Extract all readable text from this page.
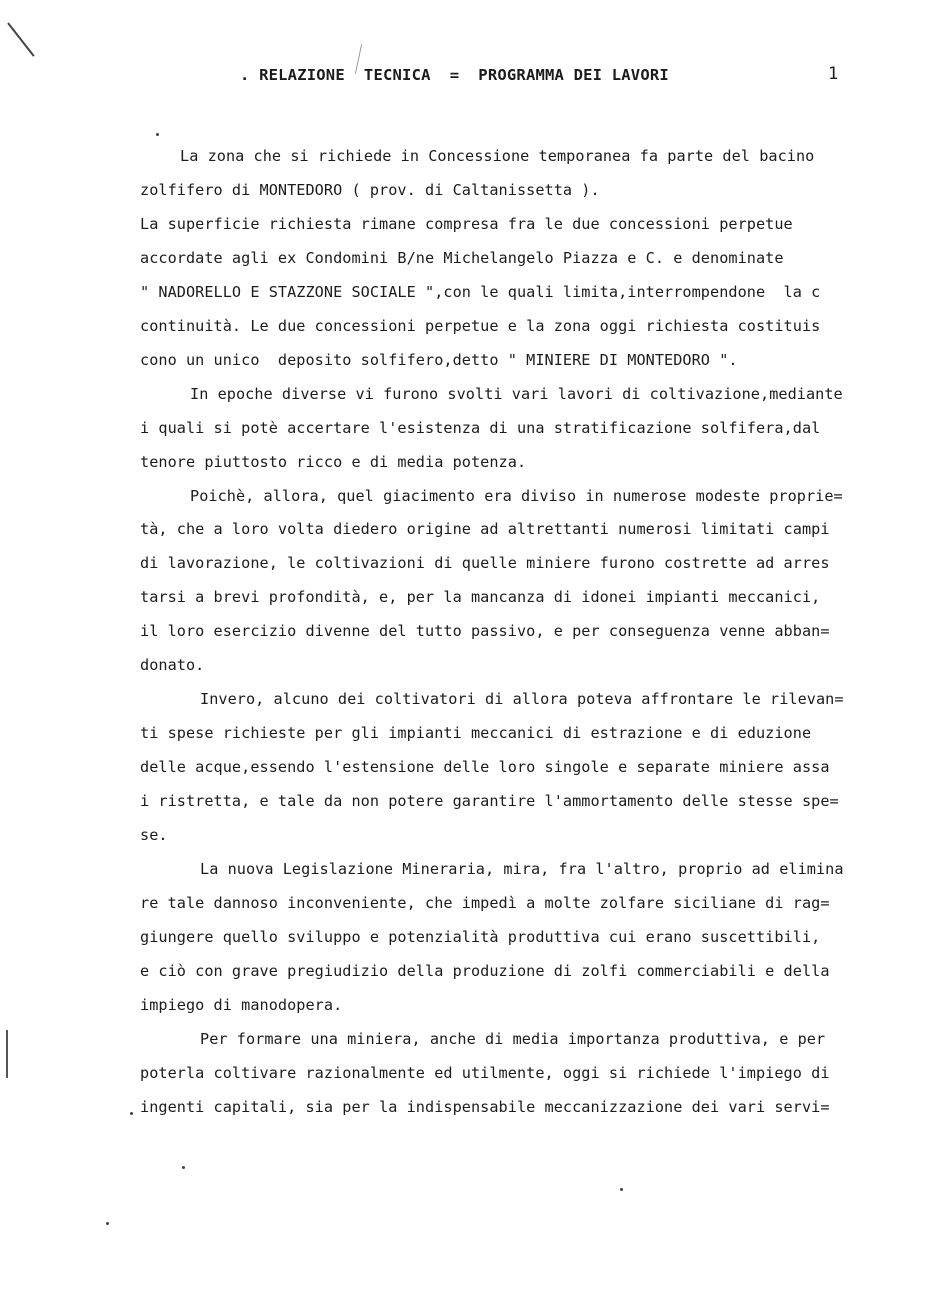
. RELAZIONE  TECNICA  =  PROGRAMMA DEI LAVORI	1
La zona che si richiede in Concessione temporanea fa parte del bacino
zolfifero di MONTEDORO ( prov. di Caltanissetta ).
La superficie richiesta rimane compresa fra le due concessioni perpetue
accordate agli ex Condomini B/ne Michelangelo Piazza e C. e denominate
" NADORELLO E STAZZONE SOCIALE ",con le quali limita,interrompendone  la c
continuità. Le due concessioni perpetue e la zona oggi richiesta costituis
cono un unico  deposito solfifero,detto " MINIERE DI MONTEDORO ".
In epoche diverse vi furono svolti vari lavori di coltivazione,mediante
i quali si potè accertare l'esistenza di una stratificazione solfifera,dal
tenore piuttosto ricco e di media potenza.
Poichè, allora, quel giacimento era diviso in numerose modeste proprie=
tà, che a loro volta diedero origine ad altrettanti numerosi limitati campi
di lavorazione, le coltivazioni di quelle miniere furono costrette ad arres
tarsi a brevi profondità, e, per la mancanza di idonei impianti meccanici,
il loro esercizio divenne del tutto passivo, e per conseguenza venne abban=
donato.
Invero, alcuno dei coltivatori di allora poteva affrontare le rilevan=
ti spese richieste per gli impianti meccanici di estrazione e di eduzione
delle acque,essendo l'estensione delle loro singole e separate miniere assa
i ristretta, e tale da non potere garantire l'ammortamento delle stesse spe=
se.
La nuova Legislazione Mineraria, mira, fra l'altro, proprio ad elimina
re tale dannoso inconveniente, che impedì a molte zolfare siciliane di rag=
giungere quello sviluppo e potenzialità produttiva cui erano suscettibili,
e ciò con grave pregiudizio della produzione di zolfi commerciabili e della
impiego di manodopera.
Per formare una miniera, anche di media importanza produttiva, e per
poterla coltivare razionalmente ed utilmente, oggi si richiede l'impiego di
ingenti capitali, sia per la indispensabile meccanizzazione dei vari servi=
